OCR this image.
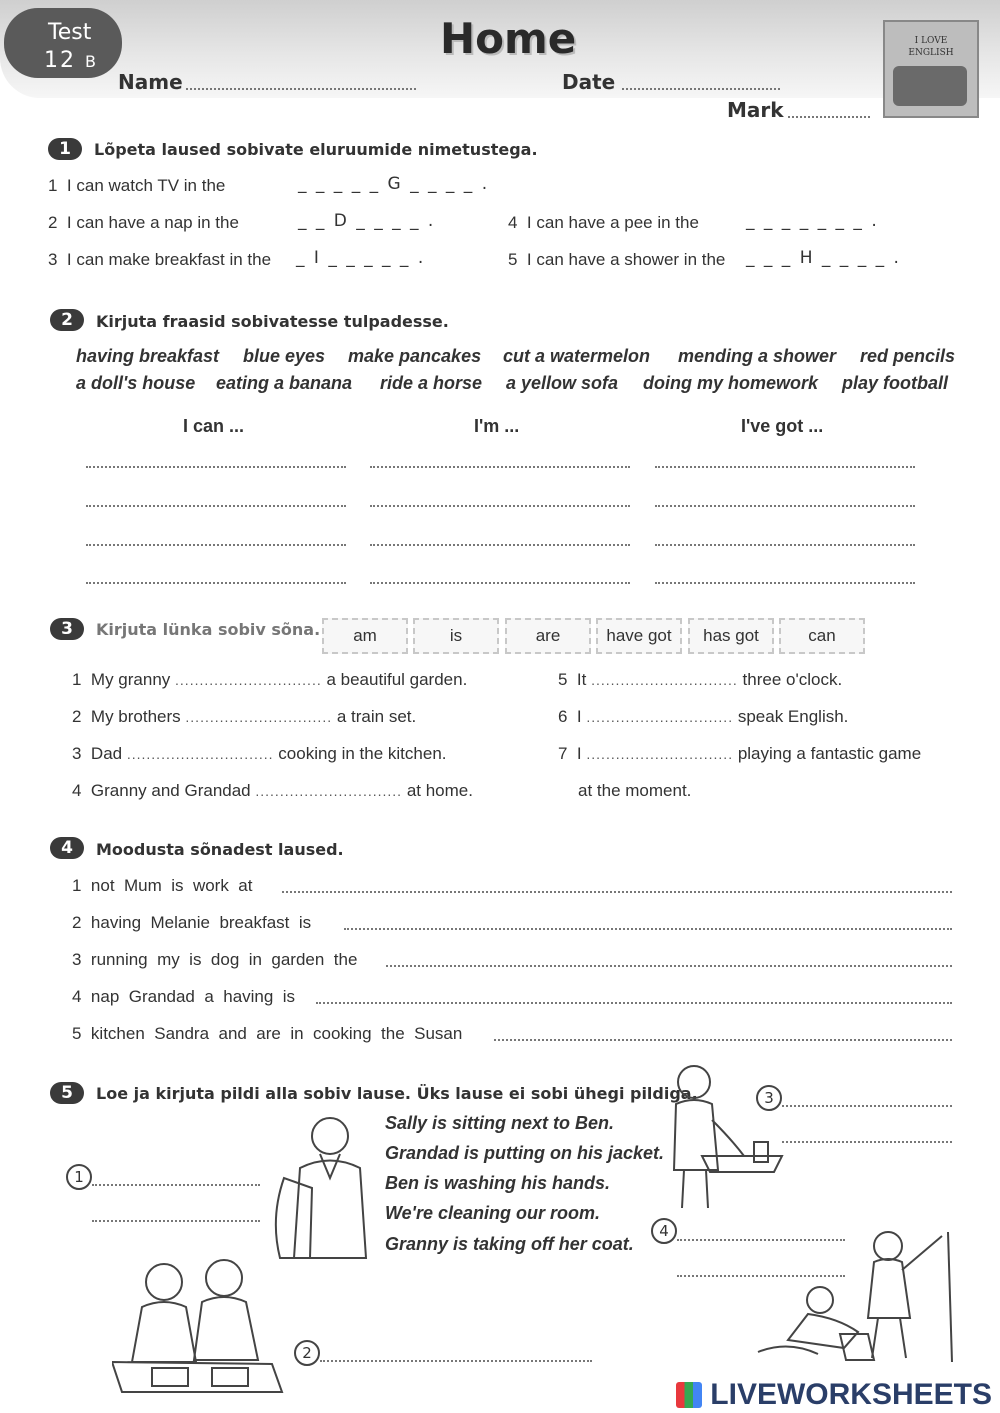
Test
12 B	Home
Name	Date
Mark
I LOVE
ENGLISH
1	Lõpeta laused sobivate eluruumide nimetustega.
1 I can watch TV in the	_ _ _ _ _ G _ _ _ _ .
2 I can have a nap in the	_ _ D _ _ _ _ .
3 I can make breakfast in the _ I _ _ _ _ _ .
4 I can have a pee in the	_ _ _ _ _ _ _ .
5 I can have a shower in the _ _ _ H _ _ _ _ .
2	Kirjuta fraasid sobivatesse tulpadesse.
having breakfast blue eyes make pancakes cut a watermelon mending a shower red pencils
a doll's house eating a banana ride a horse a yellow sofa doing my homework play football
I can ...	I'm ...	I've got ...
3	Kirjuta lünka sobiv sõna.	am	is	are	have got	has got	can
1 My granny .............................. a beautiful garden.
2 My brothers .............................. a train set.
3 Dad .............................. cooking in the kitchen.
4 Granny and Grandad .............................. at home.
5 It .............................. three o'clock.
6 I .............................. speak English.
7 I .............................. playing a fantastic game
at the moment.
4	Moodusta sõnadest laused.
1 not  Mum  is  work  at
2 having  Melanie  breakfast  is
3 running  my  is  dog  in  garden  the
4 nap  Grandad  a  having  is
5 kitchen  Sandra  and  are  in  cooking  the  Susan
5	Loe ja kirjuta pildi alla sobiv lause. Üks lause ei sobi ühegi pildiga.
Sally is sitting next to Ben.
Grandad is putting on his jacket.
Ben is washing his hands.
We're cleaning our room.
Granny is taking off her coat.
1
2
3
4
LIVEWORKSHEETS
